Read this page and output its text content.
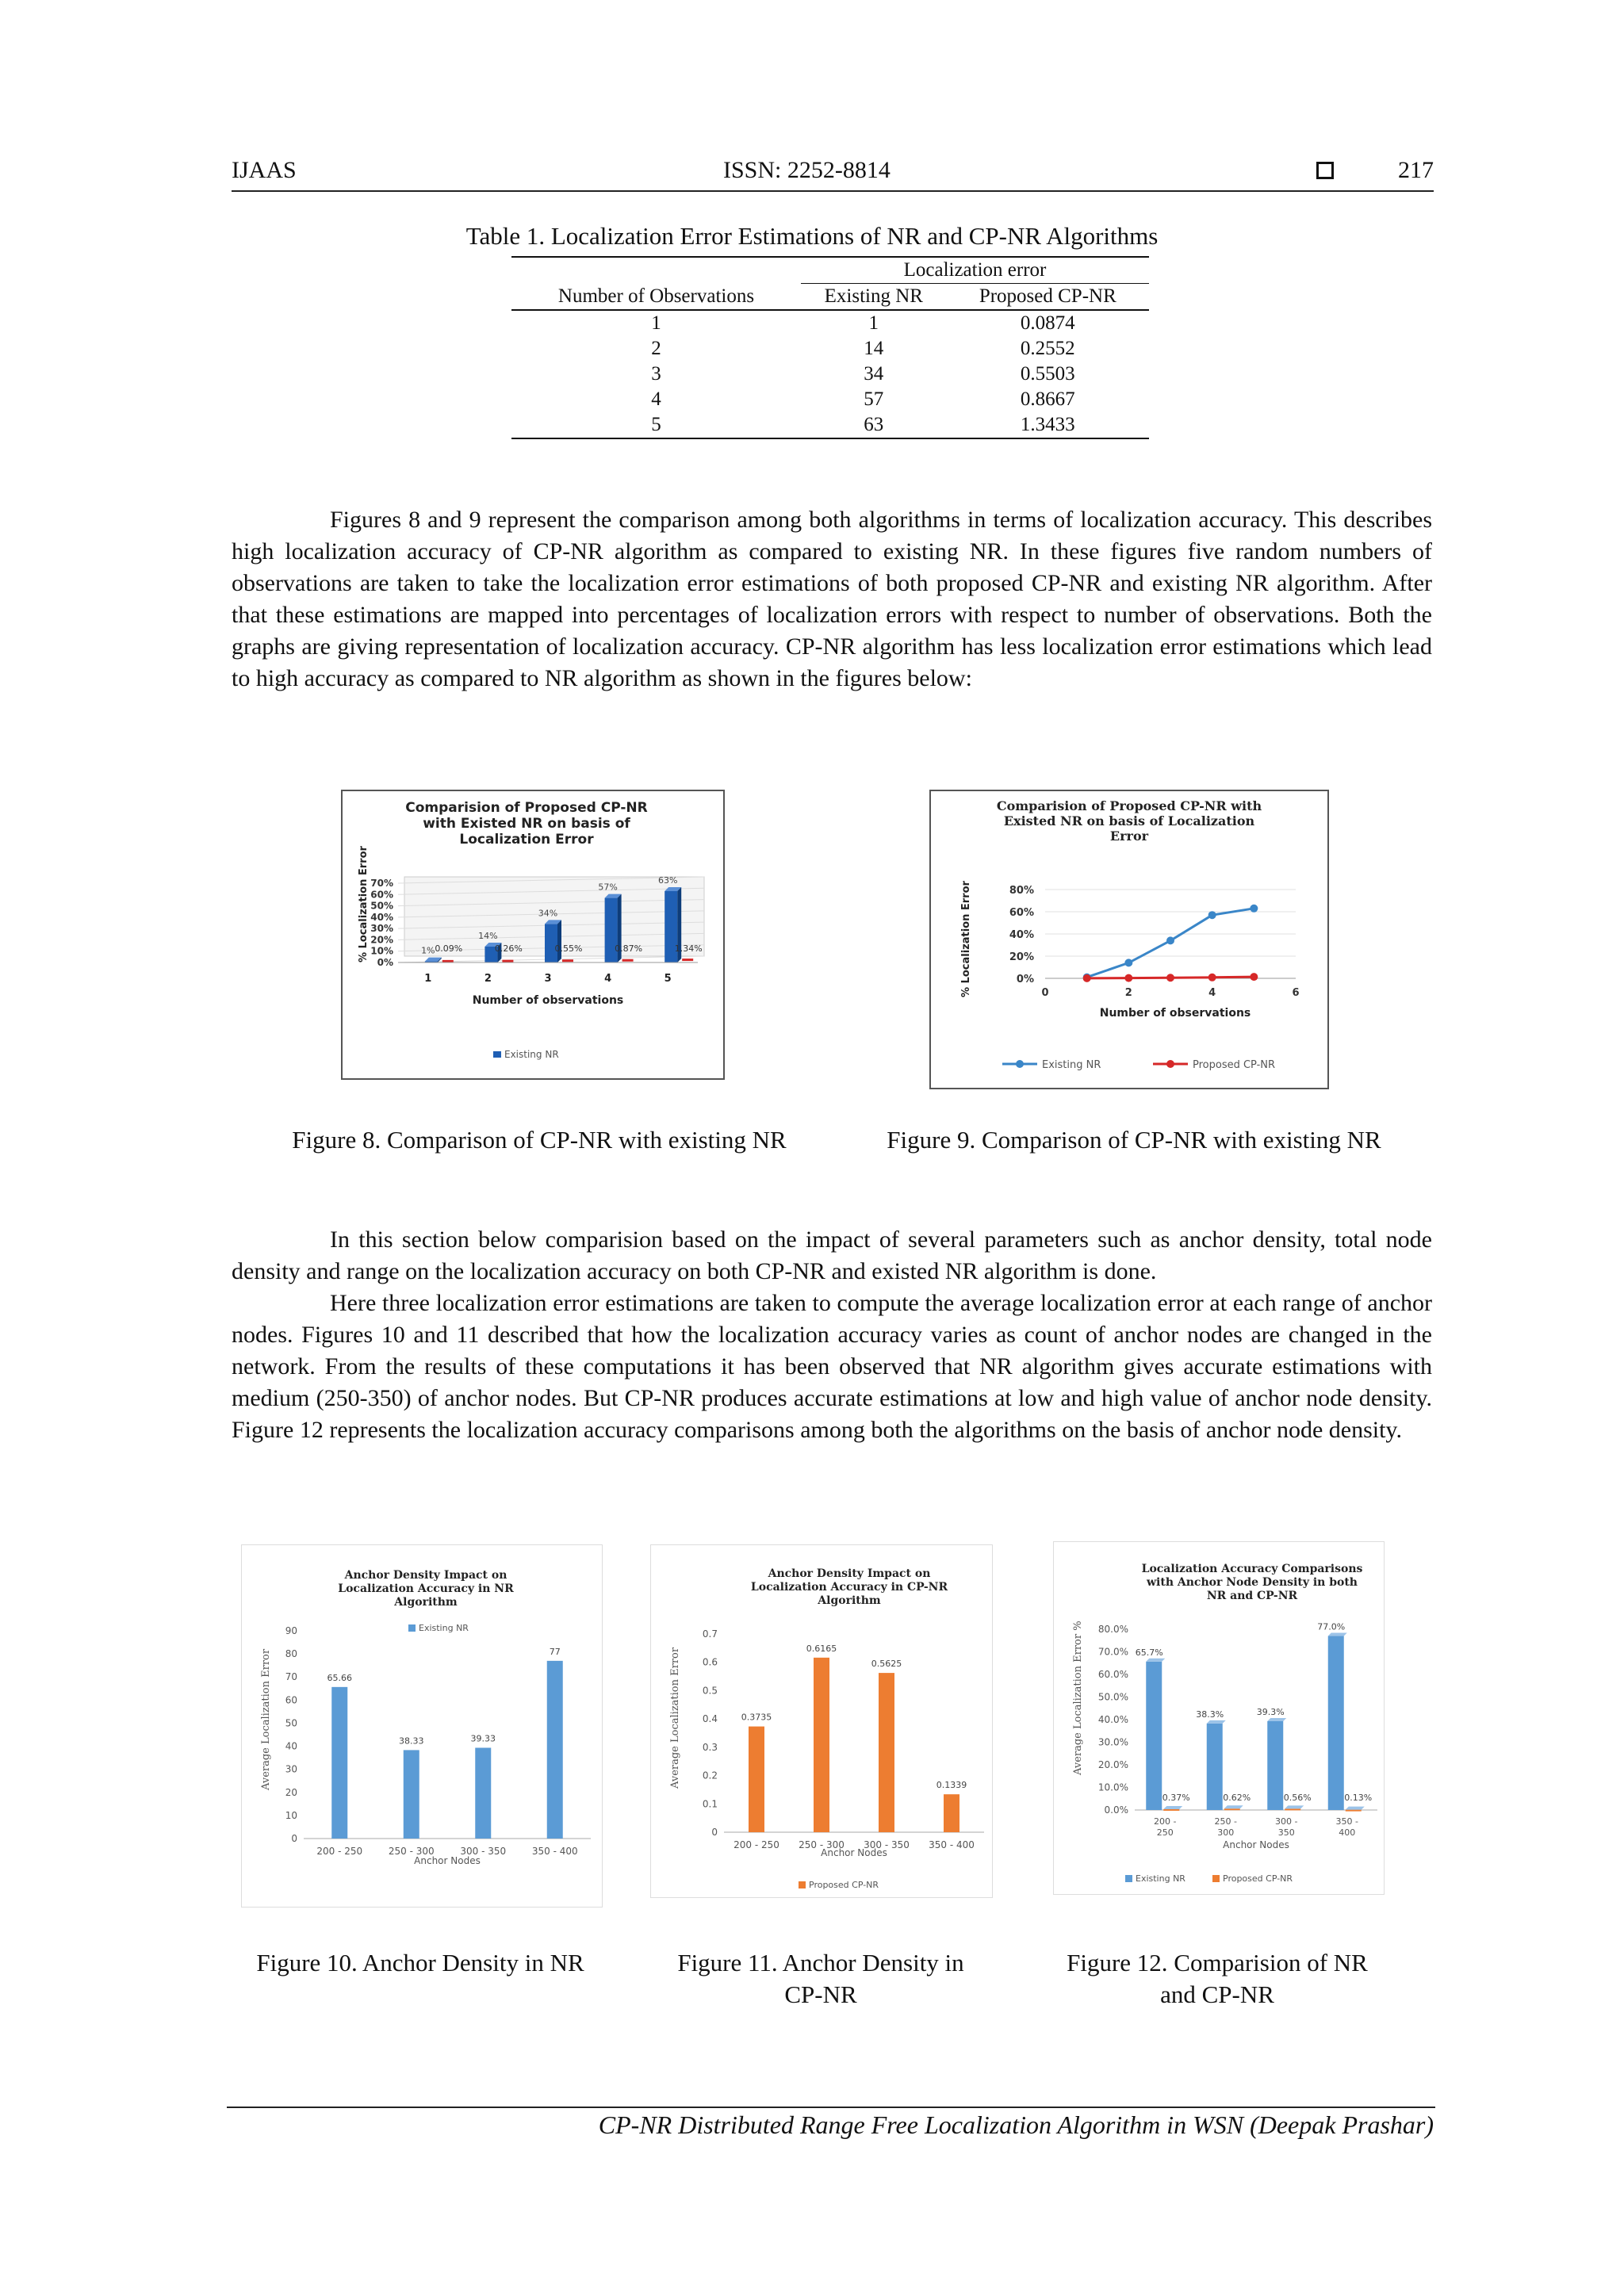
IJAAS	ISSN: 2252-8814	217
Table 1. Localization Error Estimations of NR and CP-NR Algorithms
	Localization error	
Number of Observations	Existing NR	Proposed CP-NR
1	1	0.0874
2	14	0.2552
3	34	0.5503
4	57	0.8667
5	63	1.3433

Figures 8 and 9 represent the comparison among both algorithms in terms of localization accuracy. This describes high localization accuracy of CP-NR algorithm as compared to existing NR. In these figures five random numbers of observations are taken to take the localization error estimations of both proposed CP-NR and existing NR algorithm. After that these estimations are mapped into percentages of localization errors with respect to number of observations. Both the graphs are giving representation of localization accuracy. CP-NR algorithm has less localization error estimations which lead to high accuracy as compared to NR algorithm as shown in the figures below:

Comparision of Proposed CP-NR
with Existed NR on basis of
Localization Error
0%
10%
20%
30%
40%
50%
60%
70%
% Localization Error
1
1% 0.09%
2
14%
0.26%
3
34%
0.55%
4
57%
0.87%
5
63%
1.34%
Number of observations
Existing NR
Comparision of Proposed CP-NR with
Existed NR on basis of Localization
Error
0%
20%
40%
60%
80%
0	2	4	6
% Localization Error
Number of observations
Existing NR	Proposed CP-NR
Figure 8. Comparison of CP-NR with existing NR	Figure 9. Comparison of CP-NR with existing NR

In this section below comparision based on the impact of several parameters such as anchor density, total node density and range on the localization accuracy on both CP-NR and existed NR algorithm is done.

Here three localization error estimations are taken to compute the average localization error at each range of anchor nodes. Figures 10 and 11 described that how the localization accuracy varies as count of anchor nodes are changed in the network. From the results of these computations it has been observed that NR algorithm gives accurate estimations with medium (250-350) of anchor nodes. But CP-NR produces accurate estimations at low and high value of anchor node density. Figure 12 represents the localization accuracy comparisons among both the algorithms on the basis of anchor node density.

Anchor Density Impact on
Localization Accuracy in NR
Algorithm
0
10
20
30
40
50
60
70
80
90
200 - 250
65.66
250 - 300
38.33
300 - 350
39.33
350 - 400
77
Anchor Nodes
Average Localization Error
Existing NR
Anchor Density Impact on
Localization Accuracy in CP-NR
Algorithm
0
0.1
0.2
0.3
0.4
0.5
0.6
0.7
200 - 250
0.3735
250 - 300
0.6165
300 - 350
0.5625
350 - 400
0.1339
Anchor Nodes
Average Localization Error
Proposed CP-NR
Localization Accuracy Comparisons
with Anchor Node Density in both
NR and CP-NR
0.0%
10.0%
20.0%
30.0%
40.0%
50.0%
60.0%
70.0%
80.0%
200 -
250
65.7%
0.37%
250 -
300
38.3%
0.62%
300 -
350
39.3%
0.56%
350 -
400
77.0%
0.13%
Anchor Nodes
Average Localization Error %
Existing NR	Proposed CP-NR
Figure 10. Anchor Density in NR	Figure 11. Anchor Density in
CP-NR
Figure 12. Comparision of NR
and CP-NR
CP-NR Distributed Range Free Localization Algorithm in WSN (Deepak Prashar)
